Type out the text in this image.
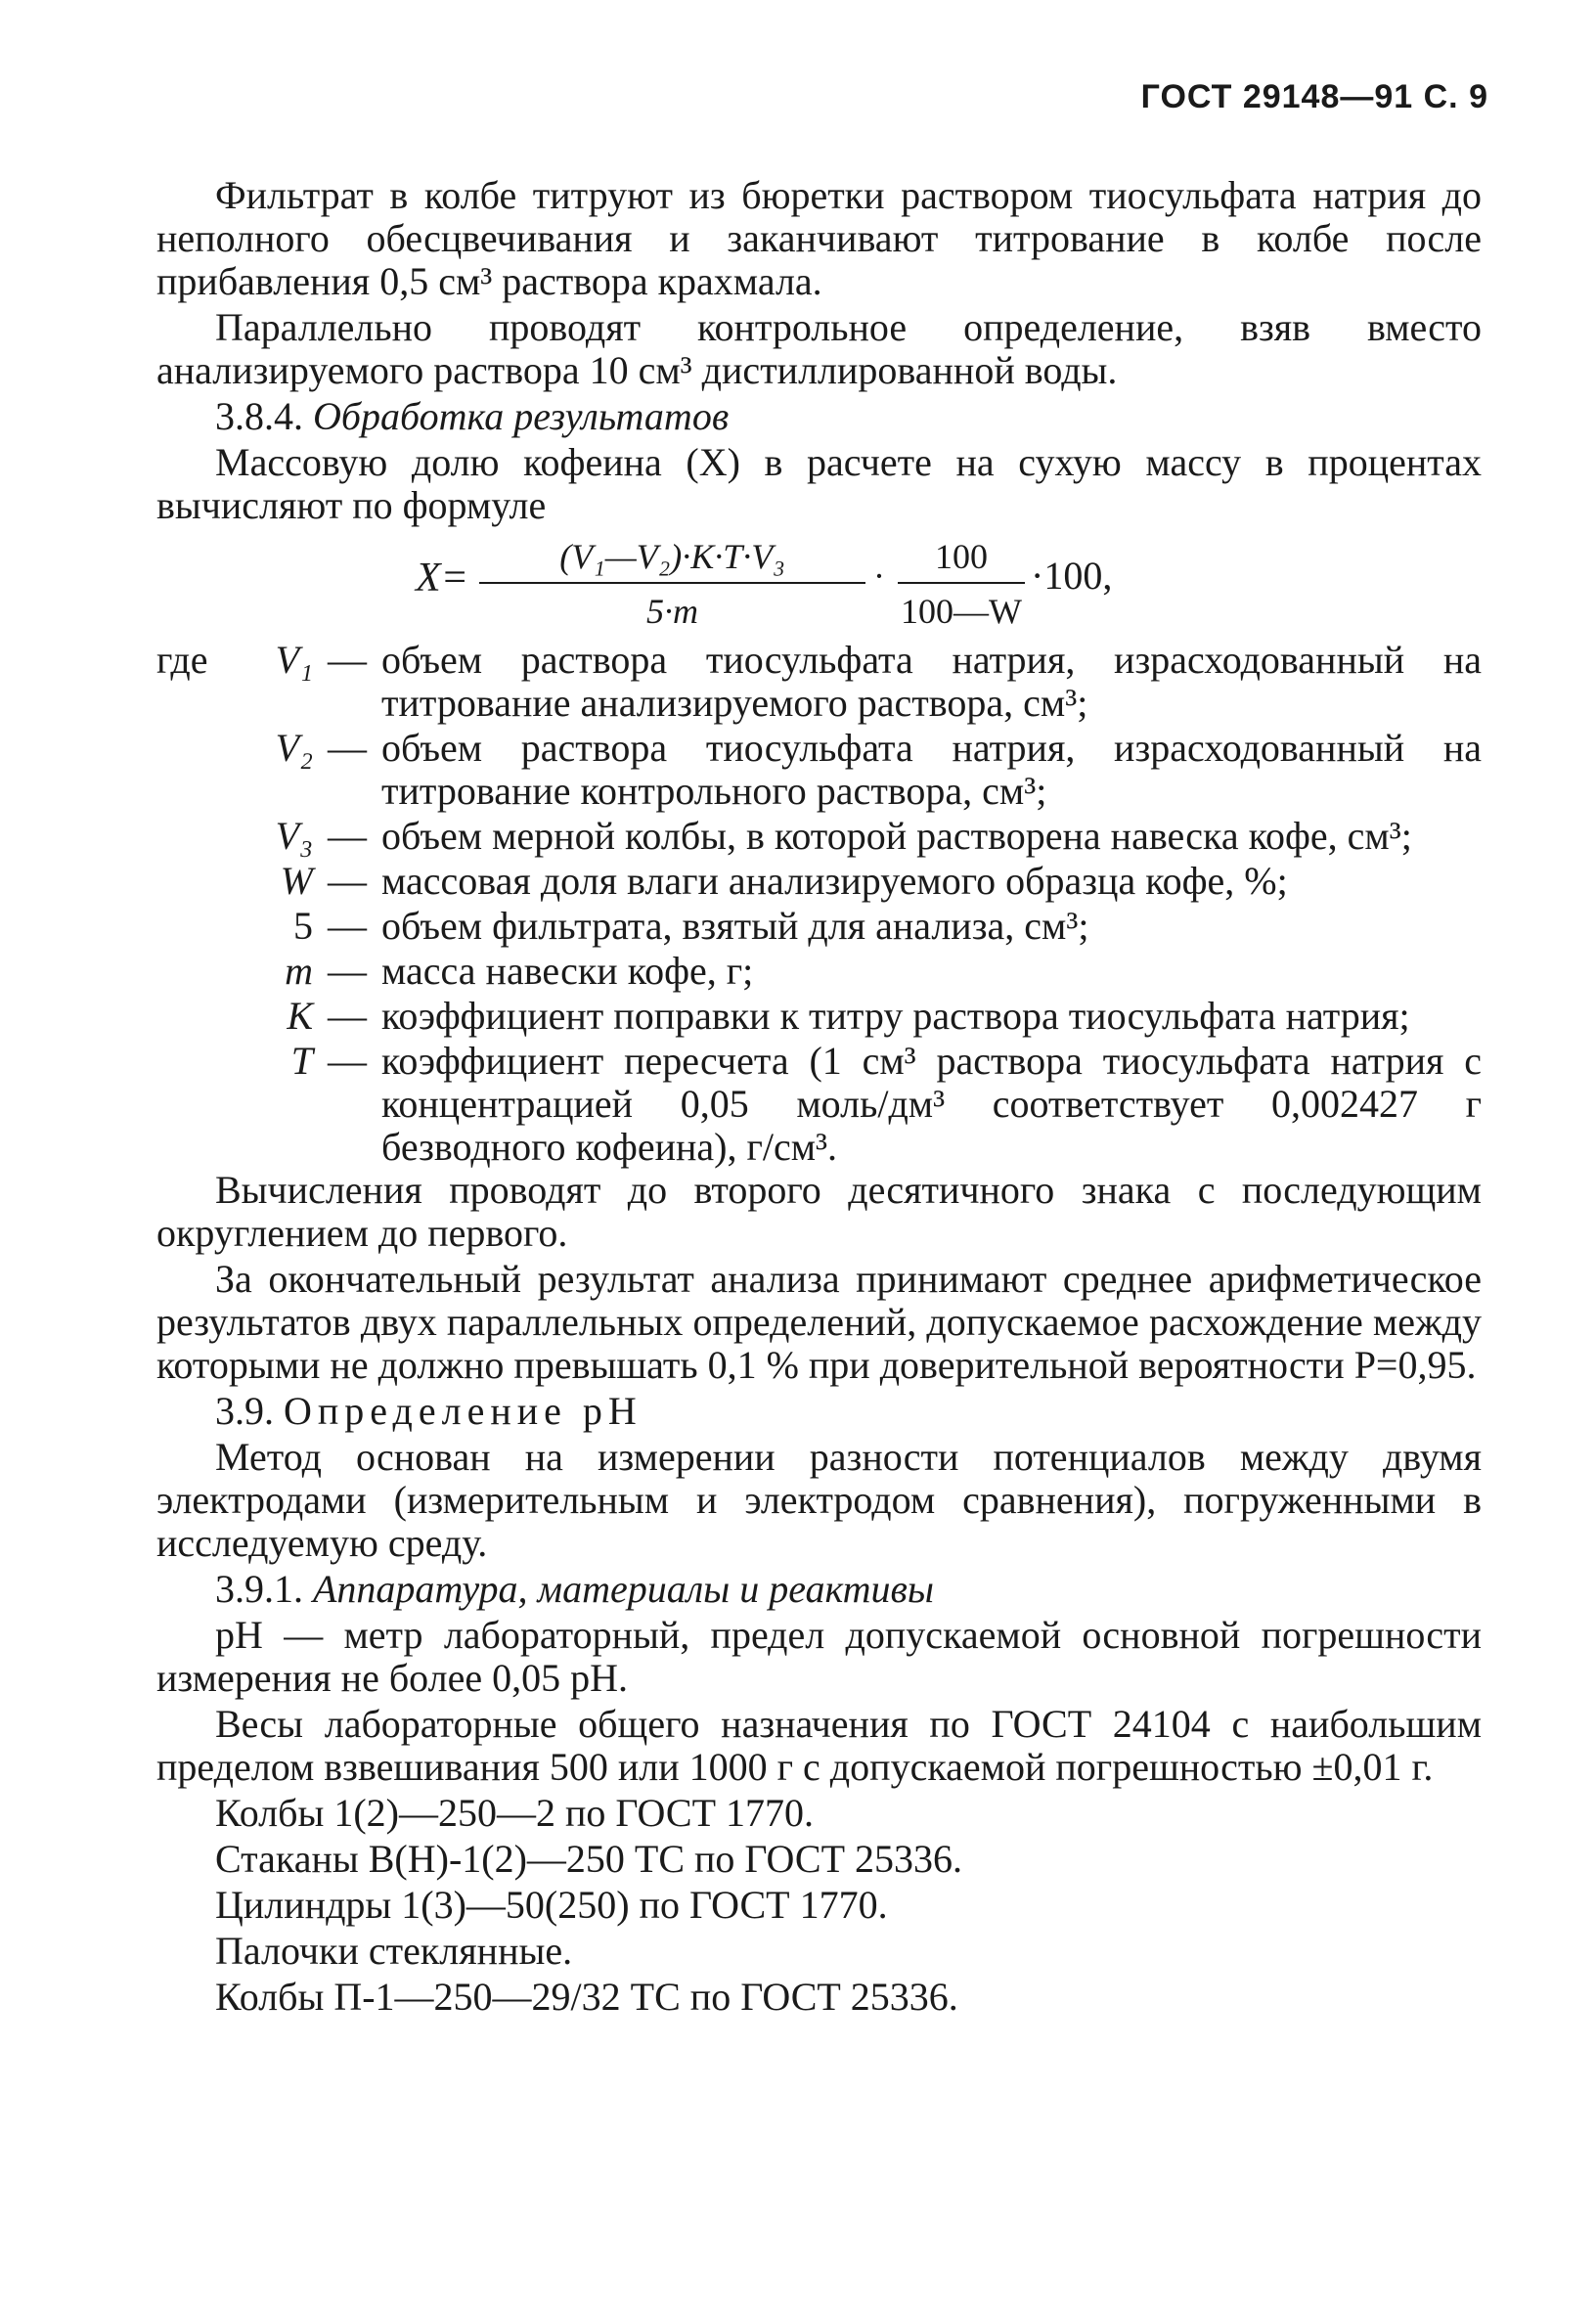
ГОСТ 29148—91 С. 9

Фильтрат в колбе титруют из бюретки раствором тиосульфата натрия до неполного обесцвечивания и заканчивают титрование в колбе после прибавления 0,5 см³ раствора крахмала.

Параллельно проводят контрольное определение, взяв вместо анализируемого раствора 10 см³ дистиллированной воды.

3.8.4. Обработка результатов

Массовую долю кофеина (X) в расчете на сухую массу в процентах вычисляют по формуле

$X= \frac{\text{(V₁—V₂)·K·T·V₃}}{5\cdot m} \cdot \frac{100}{100—W} \cdot 100$,
где	V₁ — объем раствора тиосульфата натрия, израсходованный на титрование анализируемого раствора, см³;
V₂ — объем раствора тиосульфата натрия, израсходованный на титрование контрольного раствора, см³;
V₃ — объем мерной колбы, в которой растворена навеска кофе, см³;
W — массовая доля влаги анализируемого образца кофе, %;
5 — объем фильтрата, взятый для анализа, см³;
m — масса навески кофе, г;
K — коэффициент поправки к титру раствора тиосульфата натрия;
T — коэффициент пересчета (1 см³ раствора тиосульфата натрия с концентрацией 0,05 моль/дм³ соответствует 0,002427 г безводного кофеина), г/см³.

Вычисления проводят до второго десятичного знака с последующим округлением до первого.

За окончательный результат анализа принимают среднее арифметическое результатов двух параллельных определений, допускаемое расхождение между которыми не должно превышать 0,1 % при доверительной вероятности P=0,95.

3.9. Определение pH

Метод основан на измерении разности потенциалов между двумя электродами (измерительным и электродом сравнения), погруженными в исследуемую среду.

3.9.1. Аппаратура, материалы и реактивы

pH — метр лабораторный, предел допускаемой основной погрешности измерения не более 0,05 pH.

Весы лабораторные общего назначения по ГОСТ 24104 с наибольшим пределом взвешивания 500 или 1000 г с допускаемой погрешностью ±0,01 г.

Колбы 1(2)—250—2 по ГОСТ 1770.

Стаканы В(Н)-1(2)—250 ТС по ГОСТ 25336.

Цилиндры 1(3)—50(250) по ГОСТ 1770.

Палочки стеклянные.

Колбы П-1—250—29/32 ТС по ГОСТ 25336.
